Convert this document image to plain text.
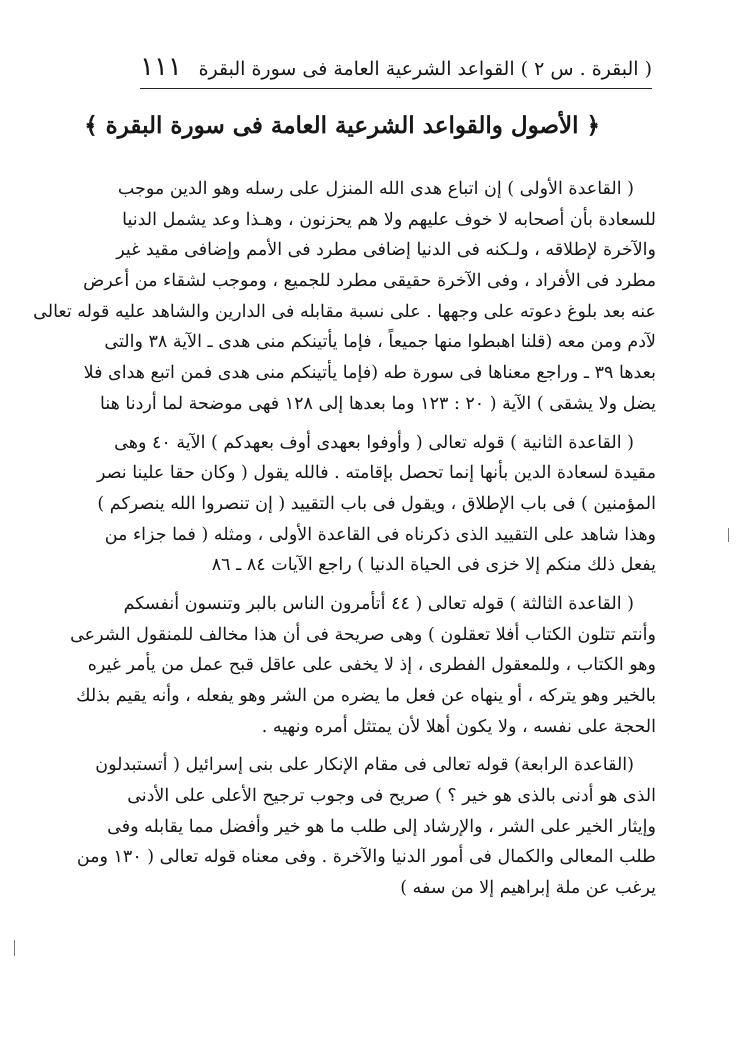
( البقرة . س ٢ ) القواعد الشرعية العامة فى سورة البقرة
١١١
﴿ الأصول والقواعد الشرعية العامة فى سورة البقرة ﴾
( القاعدة الأولى ) إن اتباع هدى الله المنزل على رسله وهو الدين موجب
للسعادة بأن أصحابه لا خوف عليهم ولا هم يحزنون ، وهـذا وعد يشمل الدنيا
والآخرة لإطلاقه ، ولـكنه فى الدنيا إضافى مطرد فى الأمم وإضافى مقيد غير
مطرد فى الأفراد ، وفى الآخرة حقيقى مطرد للجميع ، وموجب لشقاء من أعرض
عنه بعد بلوغ دعوته على وجهها . على نسبة مقابله فى الدارين والشاهد عليه قوله تعالى
لآدم ومن معه (قلنا اهبطوا منها جميعاً ، فإما يأتينكم منى هدى ـ الآية ٣٨ والتى
بعدها ٣٩ ـ وراجع معناها فى سورة طه (فإما يأتينكم منى هدى فمن اتبع هداى فلا
يضل ولا يشقى ) الآية ( ٢٠ : ١٢٣ وما بعدها إلى ١٢٨ فهى موضحة لما أردنا هنا
( القاعدة الثانية ) قوله تعالى ( وأوفوا بعهدى أوف بعهدكم ) الآية ٤٠ وهى
مقيدة لسعادة الدين بأنها إنما تحصل بإقامته . فالله يقول ( وكان حقا علينا نصر
المؤمنين ) فى باب الإطلاق ، ويقول فى باب التقييد ( إن تنصروا الله ينصركم )
وهذا شاهد على التقييد الذى ذكرناه فى القاعدة الأولى ، ومثله ( فما جزاء من
يفعل ذلك منكم إلا خزى فى الحياة الدنيا ) راجع الآيات ٨٤ ـ ٨٦
( القاعدة الثالثة ) قوله تعالى ( ٤٤ أتأمرون الناس بالبر وتنسون أنفسكم
وأنتم تتلون الكتاب أفلا تعقلون ) وهى صريحة فى أن هذا مخالف للمنقول الشرعى
وهو الكتاب ، وللمعقول الفطرى ، إذ لا يخفى على عاقل قبح عمل من يأمر غيره
بالخير وهو يتركه ، أو ينهاه عن فعل ما يضره من الشر وهو يفعله ، وأنه يقيم بذلك
الحجة على نفسه ، ولا يكون أهلا لأن يمتثل أمره ونهيه .
(القاعدة الرابعة) قوله تعالى فى مقام الإنكار على بنى إسرائيل ( أتستبدلون
الذى هو أدنى بالذى هو خير ؟ ) صريح فى وجوب ترجيح الأعلى على الأدنى
وإيثار الخير على الشر ، والإرشاد إلى طلب ما هو خير وأفضل مما يقابله وفى
طلب المعالى والكمال فى أمور الدنيا والآخرة . وفى معناه قوله تعالى ( ١٣٠ ومن
يرغب عن ملة إبراهيم إلا من سفه )
